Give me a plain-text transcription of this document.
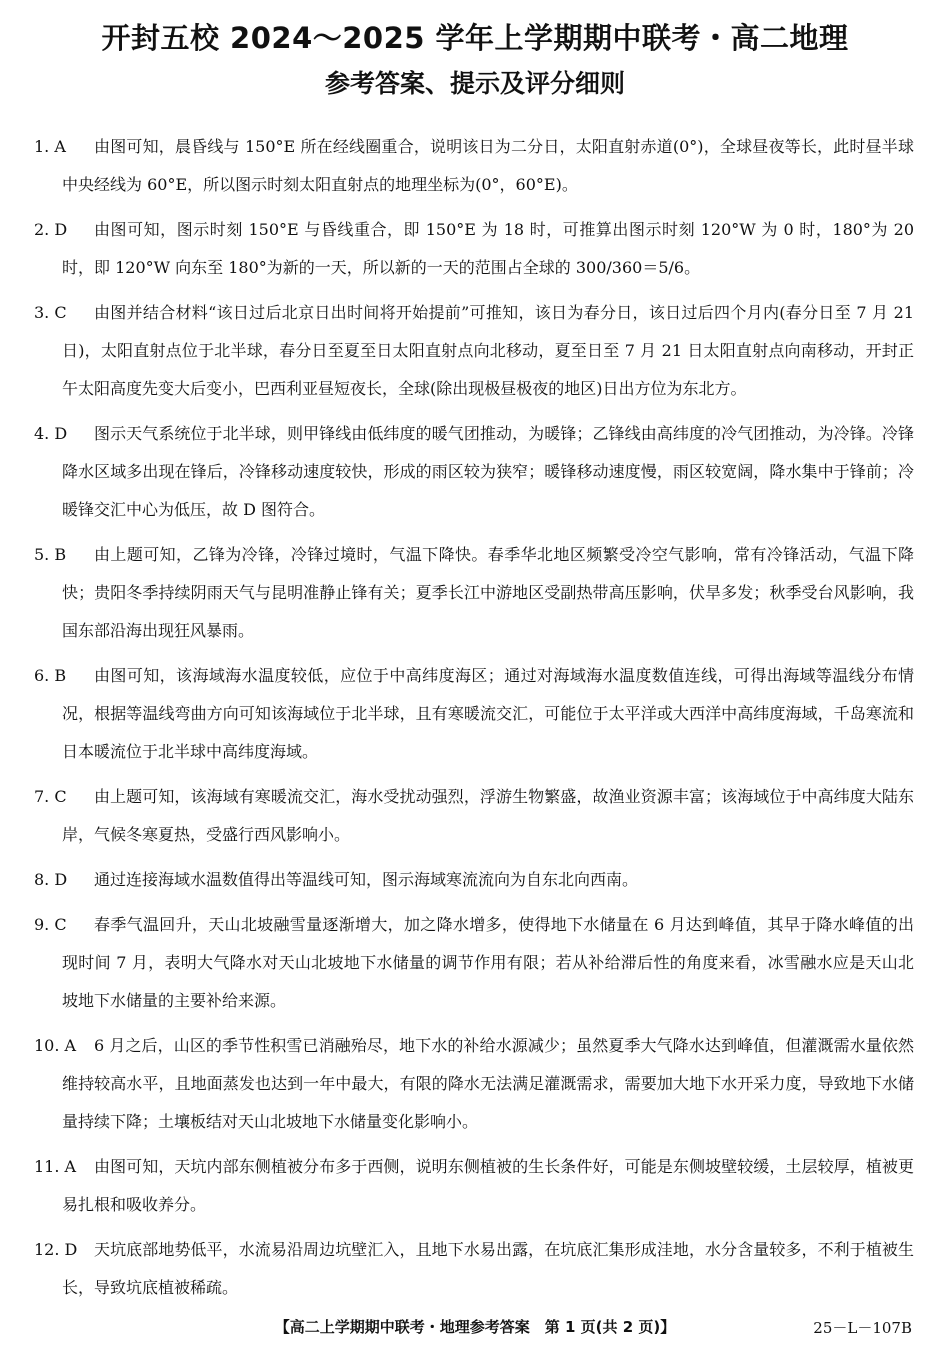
开封五校 2024～2025 学年上学期期中联考・高二地理
参考答案、提示及评分细则
1. A	由图可知，晨昏线与 150°E 所在经线圈重合，说明该日为二分日，太阳直射赤道(0°)，全球昼夜等长，此时昼半球中央经线为 60°E，所以图示时刻太阳直射点的地理坐标为(0°，60°E)。
2. D	由图可知，图示时刻 150°E 与昏线重合，即 150°E 为 18 时，可推算出图示时刻 120°W 为 0 时，180°为 20 时，即 120°W 向东至 180°为新的一天，所以新的一天的范围占全球的 300/360＝5/6。
3. C	由图并结合材料“该日过后北京日出时间将开始提前”可推知，该日为春分日，该日过后四个月内(春分日至 7 月 21 日)，太阳直射点位于北半球，春分日至夏至日太阳直射点向北移动，夏至日至 7 月 21 日太阳直射点向南移动，开封正午太阳高度先变大后变小，巴西利亚昼短夜长，全球(除出现极昼极夜的地区)日出方位为东北方。
4. D	图示天气系统位于北半球，则甲锋线由低纬度的暖气团推动，为暖锋；乙锋线由高纬度的冷气团推动，为冷锋。冷锋降水区域多出现在锋后，冷锋移动速度较快，形成的雨区较为狭窄；暖锋移动速度慢，雨区较宽阔，降水集中于锋前；冷暖锋交汇中心为低压，故 D 图符合。
5. B	由上题可知，乙锋为冷锋，冷锋过境时，气温下降快。春季华北地区频繁受冷空气影响，常有冷锋活动，气温下降快；贵阳冬季持续阴雨天气与昆明准静止锋有关；夏季长江中游地区受副热带高压影响，伏旱多发；秋季受台风影响，我国东部沿海出现狂风暴雨。
6. B	由图可知，该海域海水温度较低，应位于中高纬度海区；通过对海域海水温度数值连线，可得出海域等温线分布情况，根据等温线弯曲方向可知该海域位于北半球，且有寒暖流交汇，可能位于太平洋或大西洋中高纬度海域，千岛寒流和日本暖流位于北半球中高纬度海域。
7. C	由上题可知，该海域有寒暖流交汇，海水受扰动强烈，浮游生物繁盛，故渔业资源丰富；该海域位于中高纬度大陆东岸，气候冬寒夏热，受盛行西风影响小。
8. D	通过连接海域水温数值得出等温线可知，图示海域寒流流向为自东北向西南。
9. C	春季气温回升，天山北坡融雪量逐渐增大，加之降水增多，使得地下水储量在 6 月达到峰值，其早于降水峰值的出现时间 7 月，表明大气降水对天山北坡地下水储量的调节作用有限；若从补给滞后性的角度来看，冰雪融水应是天山北坡地下水储量的主要补给来源。
10. A	6 月之后，山区的季节性积雪已消融殆尽，地下水的补给水源减少；虽然夏季大气降水达到峰值，但灌溉需水量依然维持较高水平，且地面蒸发也达到一年中最大，有限的降水无法满足灌溉需求，需要加大地下水开采力度，导致地下水储量持续下降；土壤板结对天山北坡地下水储量变化影响小。
11. A	由图可知，天坑内部东侧植被分布多于西侧，说明东侧植被的生长条件好，可能是东侧坡壁较缓，土层较厚，植被更易扎根和吸收养分。
12. D	天坑底部地势低平，水流易沿周边坑壁汇入，且地下水易出露，在坑底汇集形成洼地，水分含量较多，不利于植被生长，导致坑底植被稀疏。
【高二上学期期中联考・地理参考答案　第 1 页(共 2 页)】	25－L－107B
